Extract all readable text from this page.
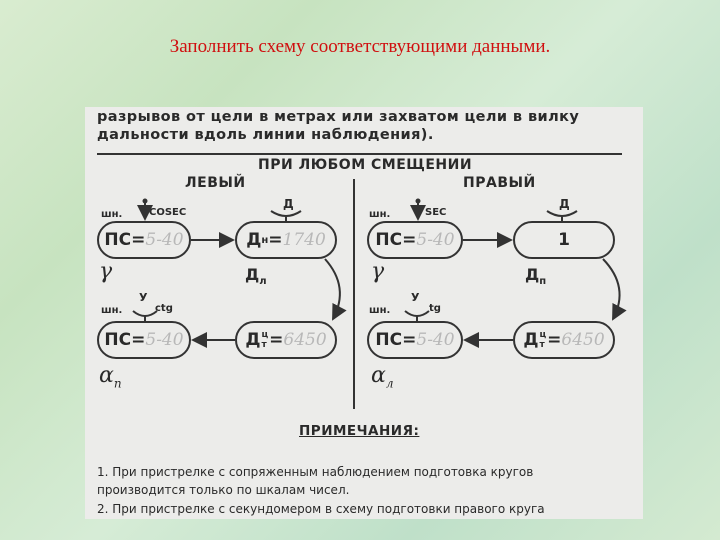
Заполнить схему соответствующими данными.
разрывов от цели в метрах или захватом цели в вилку
дальности вдоль линии наблюдения).
ПРИ ЛЮБОМ СМЕЩЕНИИ
ЛЕВЫЙ
шн.	COSEC
ПС= 5-40
Д
Д н = 1740
γ	$Д_л$
шн.
У
ctg
ПС= 5-40	Д ц
т = 6450
$\alpha_п$
ПРАВЫЙ
шн.	SEC
ПС= 5-40
Д
1
γ	$Д_п$
шн.
У
tg
ПС= 5-40	Д ц
т = 6450
$\alpha_л$
ПРИМЕЧАНИЯ:
1. При пристрелке с сопряженным наблюдением подготовка кругов
производится только по шкалам чисел.
2. При пристрелке с секундомером в схему подготовки правого круга
